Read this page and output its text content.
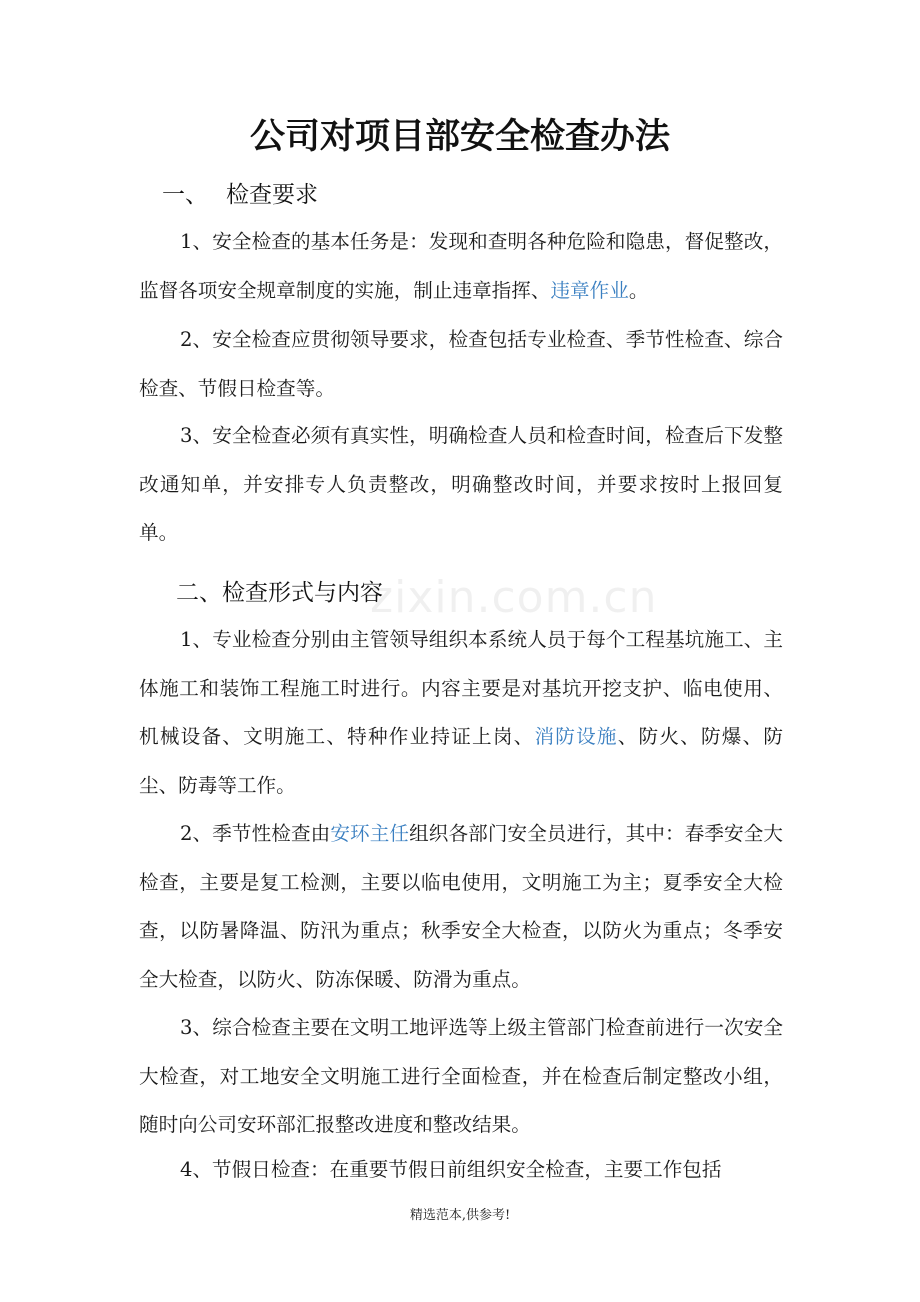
zixin.com.cn
公司对项目部安全检查办法
一、 检查要求

1、安全检查的基本任务是：发现和查明各种危险和隐患，督促整改，监督各项安全规章制度的实施，制止违章指挥、违章作业。

2、安全检查应贯彻领导要求，检查包括专业检查、季节性检查、综合检查、节假日检查等。

3、安全检查必须有真实性，明确检查人员和检查时间，检查后下发整改通知单，并安排专人负责整改，明确整改时间，并要求按时上报回复单。

二、检查形式与内容

1、专业检查分别由主管领导组织本系统人员于每个工程基坑施工、主体施工和装饰工程施工时进行。内容主要是对基坑开挖支护、临电使用、机械设备、文明施工、特种作业持证上岗、消防设施、防火、防爆、防尘、防毒等工作。

2、季节性检查由安环主任组织各部门安全员进行，其中：春季安全大检查，主要是复工检测，主要以临电使用，文明施工为主；夏季安全大检查，以防暑降温、防汛为重点；秋季安全大检查，以防火为重点；冬季安全大检查，以防火、防冻保暖、防滑为重点。

3、综合检查主要在文明工地评选等上级主管部门检查前进行一次安全大检查，对工地安全文明施工进行全面检查，并在检查后制定整改小组，随时向公司安环部汇报整改进度和整改结果。

4、节假日检查：在重要节假日前组织安全检查，主要工作包括

精选范本,供参考!
